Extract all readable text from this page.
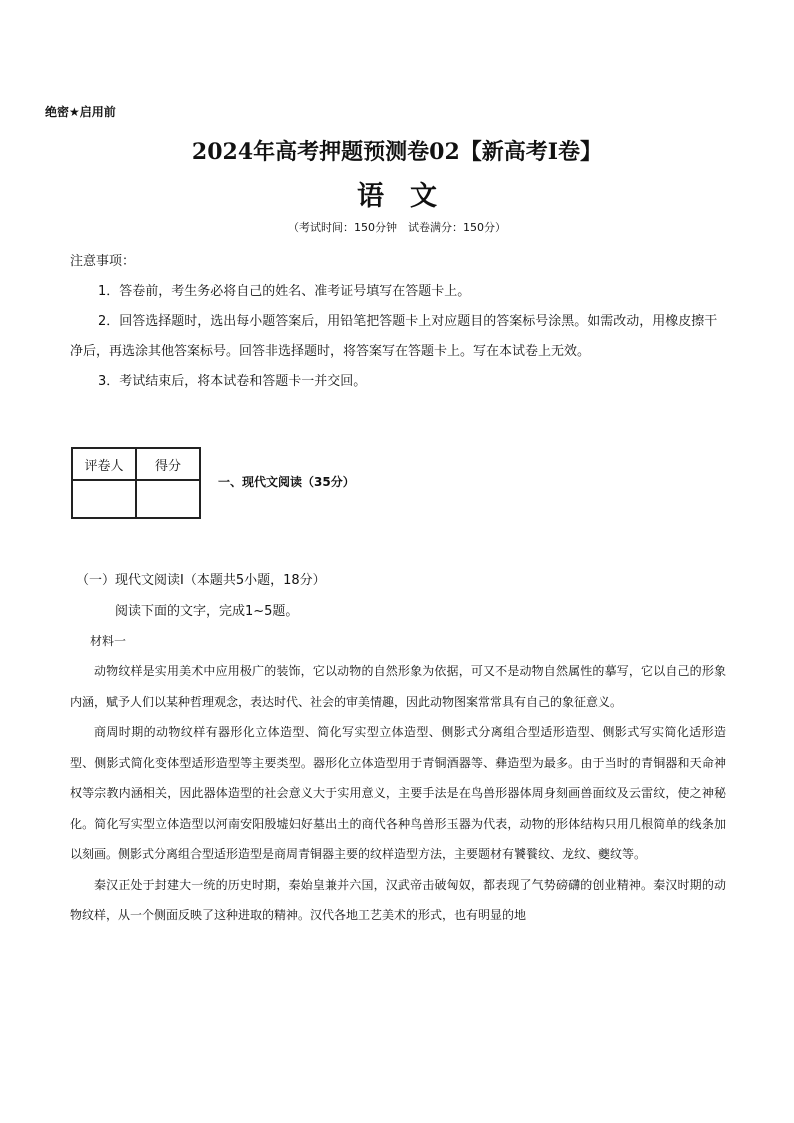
绝密★启用前
2024年高考押题预测卷02【新高考I卷】
语文
（考试时间：150分钟　试卷满分：150分）
注意事项：

1．答卷前，考生务必将自己的姓名、准考证号填写在答题卡上。

2．回答选择题时，选出每小题答案后，用铅笔把答题卡上对应题目的答案标号涂黑。如需改动，用橡皮擦干净后，再选涂其他答案标号。回答非选择题时，将答案写在答题卡上。写在本试卷上无效。

3．考试结束后，将本试卷和答题卡一并交回。

评卷人	得分

一、现代文阅读（35分）
（一）现代文阅读I（本题共5小题，18分）
阅读下面的文字，完成1~5题。
材料一

动物纹样是实用美术中应用极广的装饰，它以动物的自然形象为依据，可又不是动物自然属性的摹写，它以自己的形象内涵，赋予人们以某种哲理观念，表达时代、社会的审美情趣，因此动物图案常常具有自己的象征意义。

商周时期的动物纹样有器形化立体造型、简化写实型立体造型、侧影式分离组合型适形造型、侧影式写实简化适形造型、侧影式简化变体型适形造型等主要类型。器形化立体造型用于青铜酒器等、彝造型为最多。由于当时的青铜器和天命神权等宗教内涵相关，因此器体造型的社会意义大于实用意义，主要手法是在鸟兽形器体周身刻画兽面纹及云雷纹，使之神秘化。简化写实型立体造型以河南安阳殷墟妇好墓出土的商代各种鸟兽形玉器为代表，动物的形体结构只用几根简单的线条加以刻画。侧影式分离组合型适形造型是商周青铜器主要的纹样造型方法，主要题材有饕餮纹、龙纹、夔纹等。

秦汉正处于封建大一统的历史时期，秦始皇兼并六国，汉武帝击破匈奴，都表现了气势磅礴的创业精神。秦汉时期的动物纹样，从一个侧面反映了这种进取的精神。汉代各地工艺美术的形式，也有明显的地
